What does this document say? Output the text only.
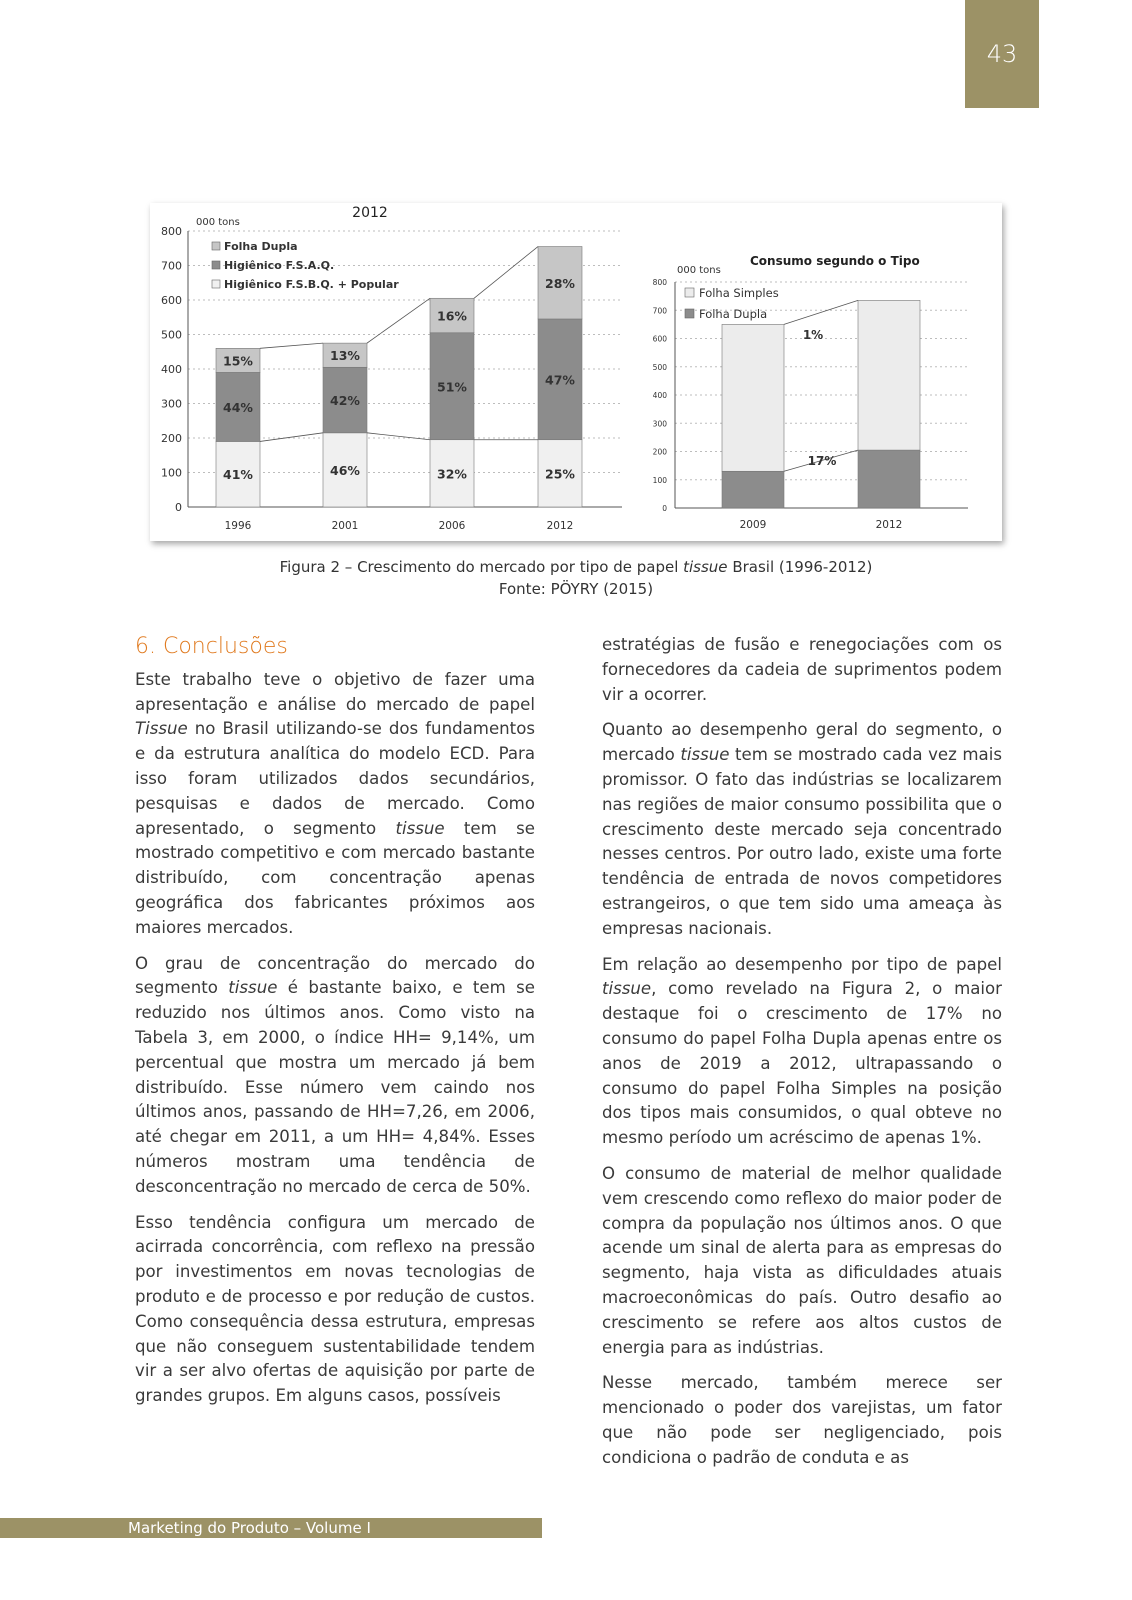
43
0
100
200
300
400
500
600
700
800
000 tons
2012
41%
44%
15%
1996
46%
42%
13%
2001
32%
51%
16%
2006
25%
47%
28%
2012
Folha Dupla
Higiênico F.S.A.Q.
Higiênico F.S.B.Q. + Popular
0
100
200
300
400
500
600
700
800
000 tons
Consumo segundo o Tipo
2009	2012
1%
17%
Folha Simples
Folha Dupla
Figura 2 – Crescimento do mercado por tipo de papel tissue Brasil (1996-2012)
Fonte: PÖYRY (2015)
6. Conclusões

Este trabalho teve o objetivo de fazer uma apresentação e análise do mercado de papel Tissue no Brasil utilizando-se dos fundamentos e da estrutura analítica do modelo ECD. Para isso foram utilizados dados secundários, pesquisas e dados de mercado. Como apresentado, o segmento tissue tem se mostrado competitivo e com mercado bastante distribuído, com concentração apenas geográfica dos fabricantes próximos aos maiores mercados.

O grau de concentração do mercado do segmento tissue é bastante baixo, e tem se reduzido nos últimos anos. Como visto na Tabela 3, em 2000, o índice HH= 9,14%, um percentual que mostra um mercado já bem distribuído. Esse número vem caindo nos últimos anos, passando de HH=7,26, em 2006, até chegar em 2011, a um HH= 4,84%. Esses números mostram uma tendência de desconcentração no mercado de cerca de 50%.

Esso tendência configura um mercado de acirrada concorrência, com reflexo na pressão por investimentos em novas tecnologias de produto e de processo e por redução de custos. Como consequência dessa estrutura, empresas que não conseguem sustentabilidade tendem vir a ser alvo ofertas de aquisição por parte de grandes grupos. Em alguns casos, possíveis

estratégias de fusão e renegociações com os fornecedores da cadeia de suprimentos podem vir a ocorrer.

Quanto ao desempenho geral do segmento, o mercado tissue tem se mostrado cada vez mais promissor. O fato das indústrias se localizarem nas regiões de maior consumo possibilita que o crescimento deste mercado seja concentrado nesses centros. Por outro lado, existe uma forte tendência de entrada de novos competidores estrangeiros, o que tem sido uma ameaça às empresas nacionais.

Em relação ao desempenho por tipo de papel tissue, como revelado na Figura 2, o maior destaque foi o crescimento de 17% no consumo do papel Folha Dupla apenas entre os anos de 2019 a 2012, ultrapassando o consumo do papel Folha Simples na posição dos tipos mais consumidos, o qual obteve no mesmo período um acréscimo de apenas 1%.

O consumo de material de melhor qualidade vem crescendo como reflexo do maior poder de compra da população nos últimos anos. O que acende um sinal de alerta para as empresas do segmento, haja vista as dificuldades atuais macroeconômicas do país. Outro desafio ao crescimento se refere aos altos custos de energia para as indústrias.

Nesse mercado, também merece ser mencionado o poder dos varejistas, um fator que não pode ser negligenciado, pois condiciona o padrão de conduta e as

Marketing do Produto – Volume I
